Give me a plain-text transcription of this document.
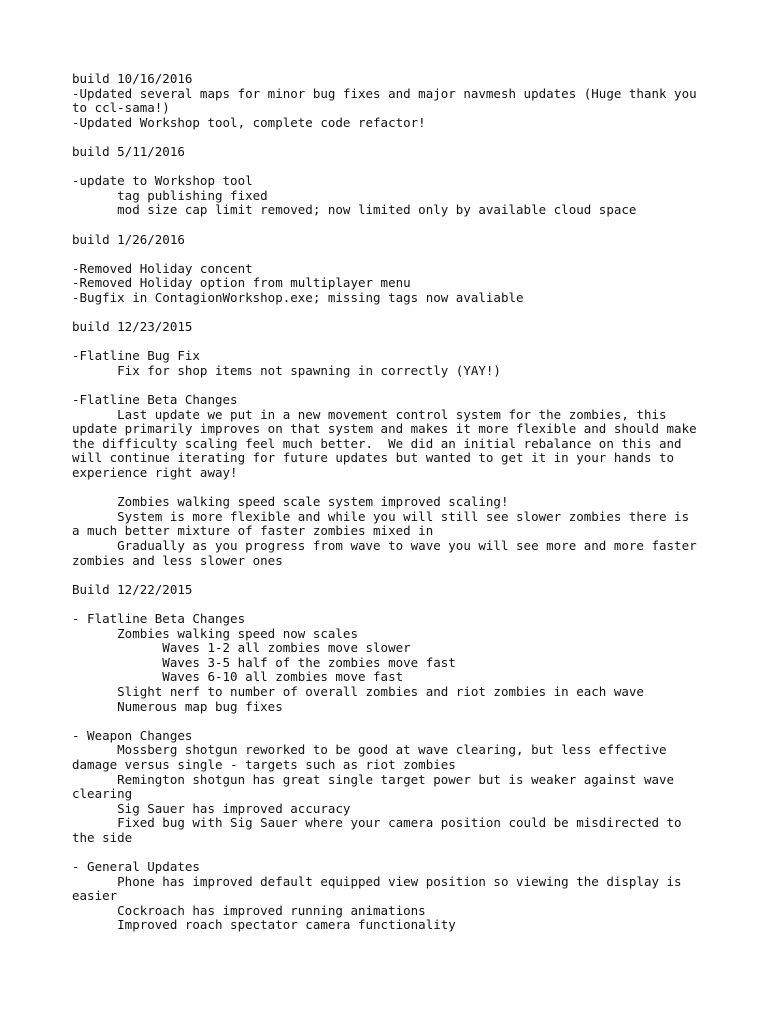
build 10/16/2016
-Updated several maps for minor bug fixes and major navmesh updates (Huge thank you
to ccl-sama!)
-Updated Workshop tool, complete code refactor!
build 5/11/2016
-update to Workshop tool
tag publishing fixed
mod size cap limit removed; now limited only by available cloud space
build 1/26/2016
-Removed Holiday concent
-Removed Holiday option from multiplayer menu
-Bugfix in ContagionWorkshop.exe; missing tags now avaliable
build 12/23/2015
-Flatline Bug Fix
Fix for shop items not spawning in correctly (YAY!)
-Flatline Beta Changes
Last update we put in a new movement control system for the zombies, this
update primarily improves on that system and makes it more flexible and should make
the difficulty scaling feel much better.  We did an initial rebalance on this and
will continue iterating for future updates but wanted to get it in your hands to
experience right away!
Zombies walking speed scale system improved scaling!
System is more flexible and while you will still see slower zombies there is
a much better mixture of faster zombies mixed in
Gradually as you progress from wave to wave you will see more and more faster
zombies and less slower ones
Build 12/22/2015
- Flatline Beta Changes
Zombies walking speed now scales
Waves 1-2 all zombies move slower
Waves 3-5 half of the zombies move fast
Waves 6-10 all zombies move fast
Slight nerf to number of overall zombies and riot zombies in each wave
Numerous map bug fixes
- Weapon Changes
Mossberg shotgun reworked to be good at wave clearing, but less effective
damage versus single - targets such as riot zombies
Remington shotgun has great single target power but is weaker against wave
clearing
Sig Sauer has improved accuracy
Fixed bug with Sig Sauer where your camera position could be misdirected to
the side
- General Updates
Phone has improved default equipped view position so viewing the display is
easier
Cockroach has improved running animations
Improved roach spectator camera functionality
